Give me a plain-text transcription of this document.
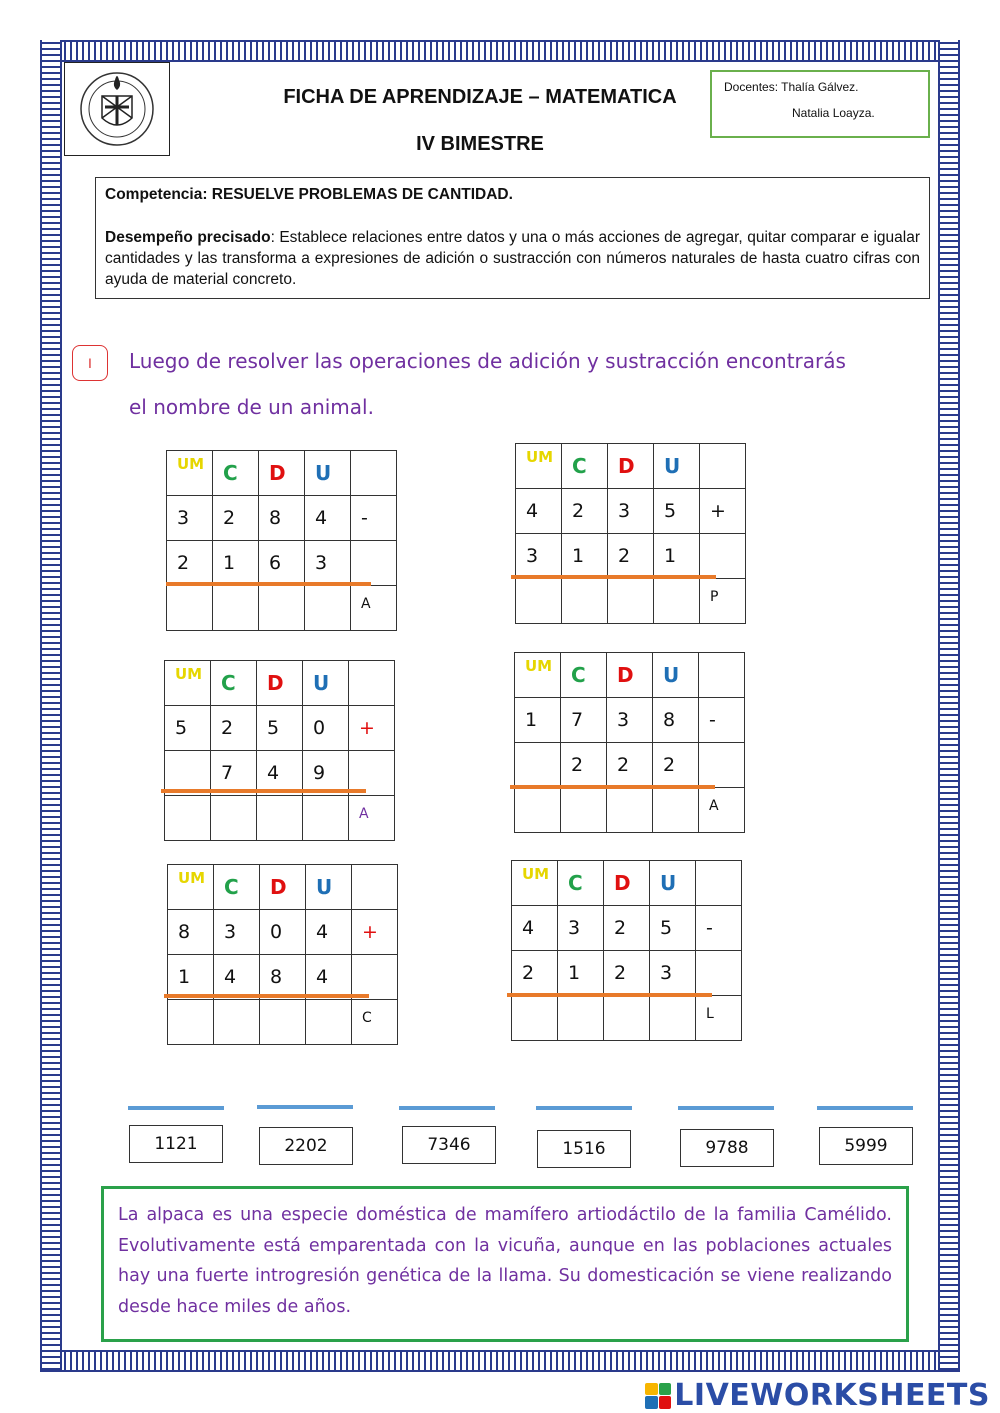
FICHA DE APRENDIZAJE – MATEMATICA
IV BIMESTRE
Docentes: Thalía Gálvez.
Natalia Loayza.
Competencia: RESUELVE PROBLEMAS DE CANTIDAD.
Desempeño precisado: Establece relaciones entre datos y una o más acciones de agregar, quitar comparar e igualar cantidades y las transforma a expresiones de adición o sustracción con números naturales de hasta cuatro cifras con ayuda de material concreto.
I	Luego de resolver las operaciones de adición y sustracción encontrarás
el nombre de un animal.
UM	C	D	U	
3	2	8	4	-
2	1	6	3	
				A
UM	C	D	U	
4	2	3	5	+
3	1	2	1	
				P
UM	C	D	U	
5	2	5	0	+
	7	4	9	
				A
UM	C	D	U	
1	7	3	8	-
	2	2	2	
				A
UM	C	D	U	
8	3	0	4	+
1	4	8	4	
				C
UM	C	D	U	
4	3	2	5	-
2	1	2	3	
				L
1121	2202	7346	1516	9788	5999
La alpaca es una especie doméstica de mamífero artiodáctilo de la familia Camélido. Evolutivamente está emparentada con la vicuña, aunque en las poblaciones actuales hay una fuerte introgresión genética de la llama. Su domesticación se viene realizando desde hace miles de años.
LIVEWORKSHEETS
